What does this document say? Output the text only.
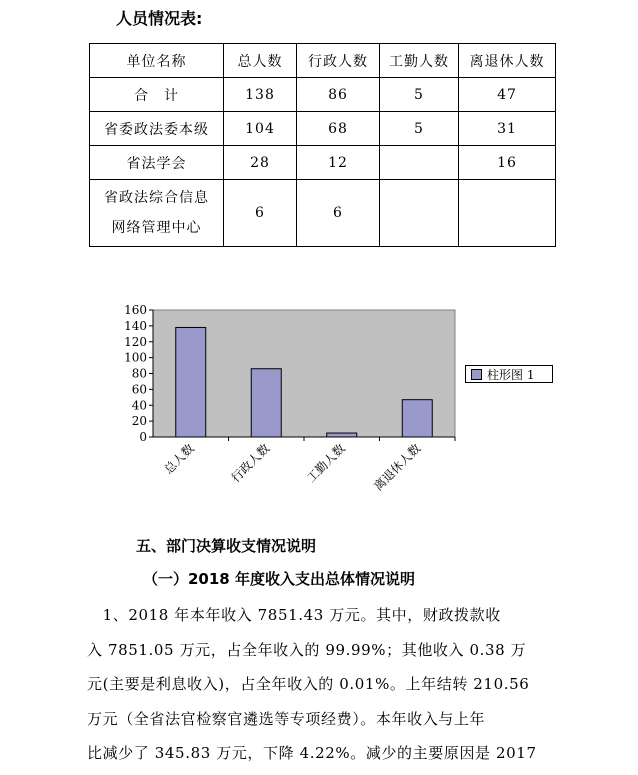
人员情况表:
单位名称	总人数	行政人数	工勤人数	离退休人数
合　计	138	86	5	47
省委政法委本级	104	68	5	31
省法学会	28	12		16
省政法综合信息
网络管理中心	6	6		
0
20
40
60
80
100
120
140
160
总人数	行政人数	工勤人数 离退休人数
柱形图 1
五、部门决算收支情况说明
（一）2018 年度收入支出总体情况说明
　1、2018 年本年收入 7851.43 万元。其中，财政拨款收
入 7851.05 万元，占全年收入的 99.99%；其他收入 0.38 万
元(主要是利息收入)，占全年收入的 0.01%。上年结转 210.56
万元（全省法官检察官遴选等专项经费）。本年收入与上年
比减少了 345.83 万元，下降 4.22%。减少的主要原因是 2017
